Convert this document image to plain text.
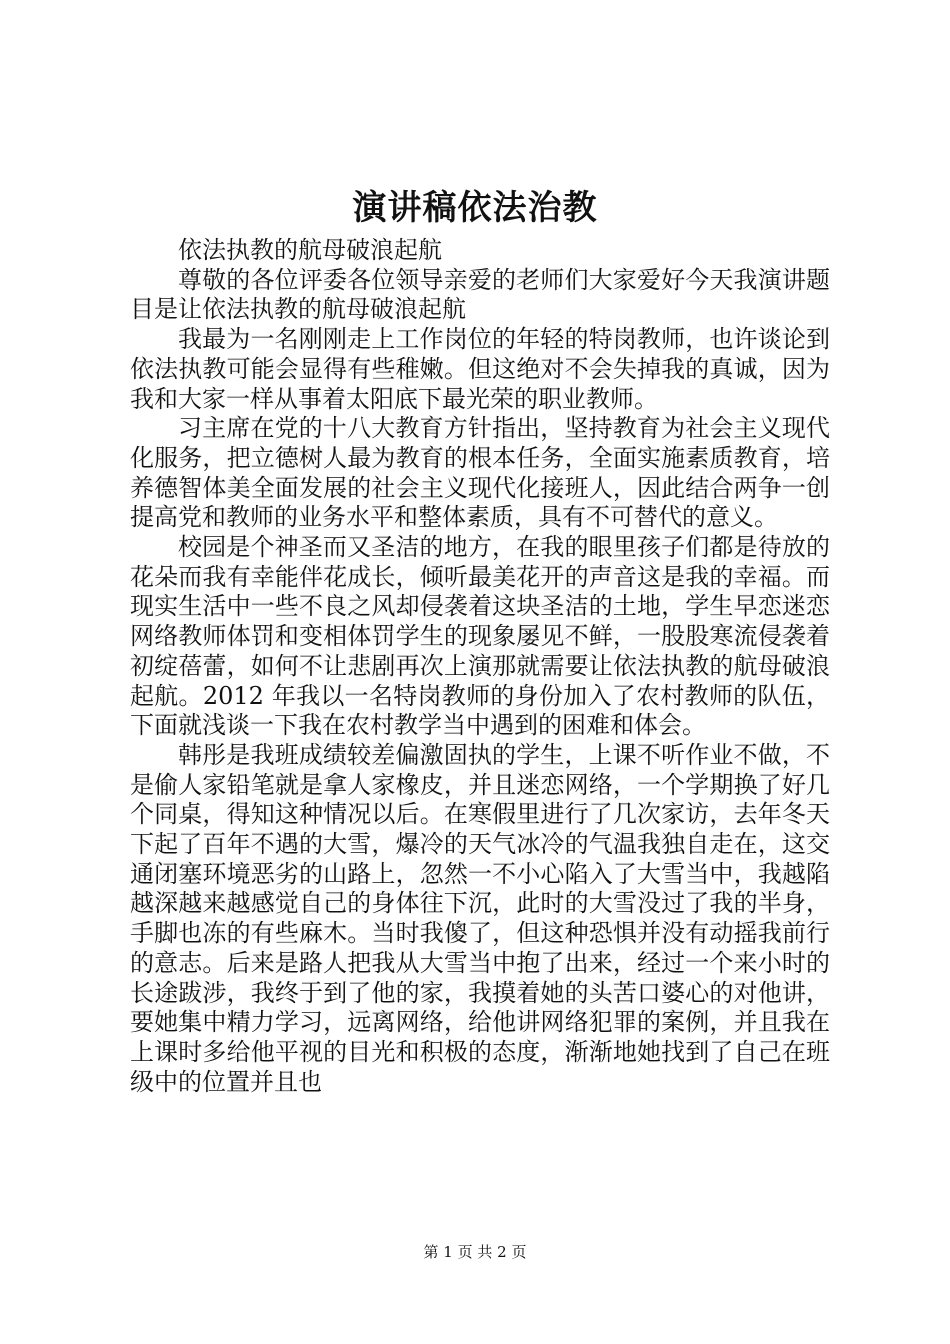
演讲稿依法治教

依法执教的航母破浪起航

尊敬的各位评委各位领导亲爱的老师们大家爱好今天我演讲题目是让依法执教的航母破浪起航

我最为一名刚刚走上工作岗位的年轻的特岗教师，也许谈论到依法执教可能会显得有些稚嫩。但这绝对不会失掉我的真诚，因为我和大家一样从事着太阳底下最光荣的职业教师。

习主席在党的十八大教育方针指出，坚持教育为社会主义现代化服务，把立德树人最为教育的根本任务，全面实施素质教育，培养德智体美全面发展的社会主义现代化接班人，因此结合两争一创提高党和教师的业务水平和整体素质，具有不可替代的意义。

校园是个神圣而又圣洁的地方，在我的眼里孩子们都是待放的花朵而我有幸能伴花成长，倾听最美花开的声音这是我的幸福。而现实生活中一些不良之风却侵袭着这块圣洁的土地，学生早恋迷恋网络教师体罚和变相体罚学生的现象屡见不鲜，一股股寒流侵袭着初绽蓓蕾，如何不让悲剧再次上演那就需要让依法执教的航母破浪起航。2012 年我以一名特岗教师的身份加入了农村教师的队伍，下面就浅谈一下我在农村教学当中遇到的困难和体会。

韩彤是我班成绩较差偏激固执的学生，上课不听作业不做，不是偷人家铅笔就是拿人家橡皮，并且迷恋网络，一个学期换了好几个同桌，得知这种情况以后。在寒假里进行了几次家访，去年冬天下起了百年不遇的大雪，爆冷的天气冰冷的气温我独自走在，这交通闭塞环境恶劣的山路上，忽然一不小心陷入了大雪当中，我越陷越深越来越感觉自己的身体往下沉，此时的大雪没过了我的半身，手脚也冻的有些麻木。当时我傻了，但这种恐惧并没有动摇我前行的意志。后来是路人把我从大雪当中抱了出来，经过一个来小时的长途跋涉，我终于到了他的家，我摸着她的头苦口婆心的对他讲，要她集中精力学习，远离网络，给他讲网络犯罪的案例，并且我在上课时多给他平视的目光和积极的态度，渐渐地她找到了自己在班级中的位置并且也

第 1 页 共 2 页
